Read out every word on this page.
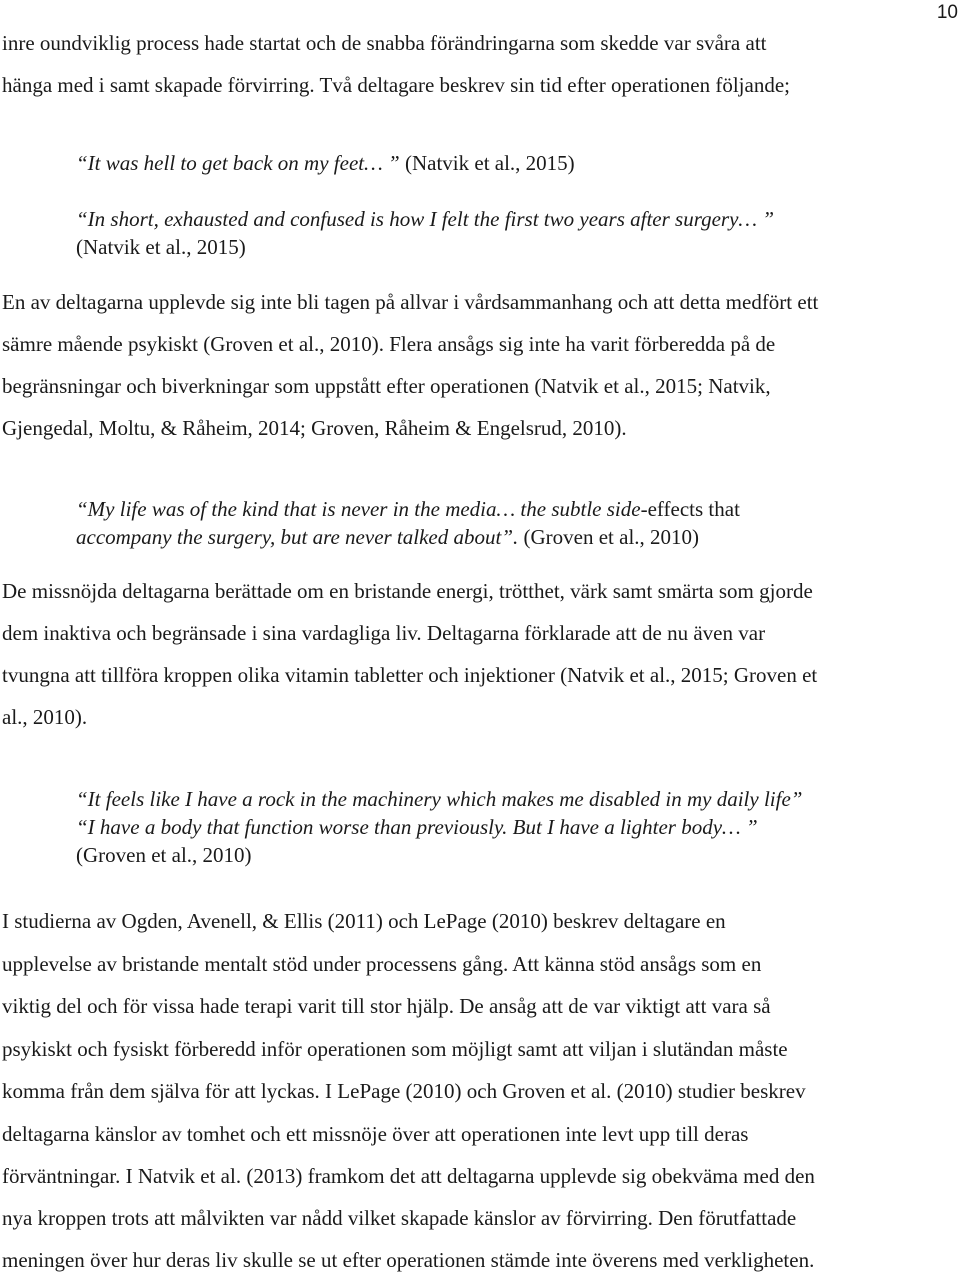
10
inre oundviklig process hade startat och de snabba förändringarna som skedde var svåra att
hänga med i samt skapade förvirring. Två deltagare beskrev sin tid efter operationen följande;
“It was hell to get back on my feet… ” (Natvik et al., 2015)
“In short, exhausted and confused is how I felt the first two years after surgery… ”
(Natvik et al., 2015)
En av deltagarna upplevde sig inte bli tagen på allvar i vårdsammanhang och att detta medfört ett
sämre mående psykiskt (Groven et al., 2010). Flera ansågs sig inte ha varit förberedda på de
begränsningar och biverkningar som uppstått efter operationen (Natvik et al., 2015; Natvik,
Gjengedal, Moltu, & Råheim, 2014; Groven, Råheim & Engelsrud, 2010).
“My life was of the kind that is never in the media… the subtle side-effects that
accompany the surgery, but are never talked about”. (Groven et al., 2010)
De missnöjda deltagarna berättade om en bristande energi, trötthet, värk samt smärta som gjorde
dem inaktiva och begränsade i sina vardagliga liv. Deltagarna förklarade att de nu även var
tvungna att tillföra kroppen olika vitamin tabletter och injektioner (Natvik et al., 2015; Groven et
al., 2010).
“It feels like I have a rock in the machinery which makes me disabled in my daily life”
“I have a body that function worse than previously. But I have a lighter body… ”
(Groven et al., 2010)
I studierna av Ogden, Avenell, & Ellis (2011) och LePage (2010) beskrev deltagare en
upplevelse av bristande mentalt stöd under processens gång. Att känna stöd ansågs som en
viktig del och för vissa hade terapi varit till stor hjälp. De ansåg att de var viktigt att vara så
psykiskt och fysiskt förberedd inför operationen som möjligt samt att viljan i slutändan måste
komma från dem själva för att lyckas. I LePage (2010) och Groven et al. (2010) studier beskrev
deltagarna känslor av tomhet och ett missnöje över att operationen inte levt upp till deras
förväntningar. I Natvik et al. (2013) framkom det att deltagarna upplevde sig obekväma med den
nya kroppen trots att målvikten var nådd vilket skapade känslor av förvirring. Den förutfattade
meningen över hur deras liv skulle se ut efter operationen stämde inte överens med verkligheten.
